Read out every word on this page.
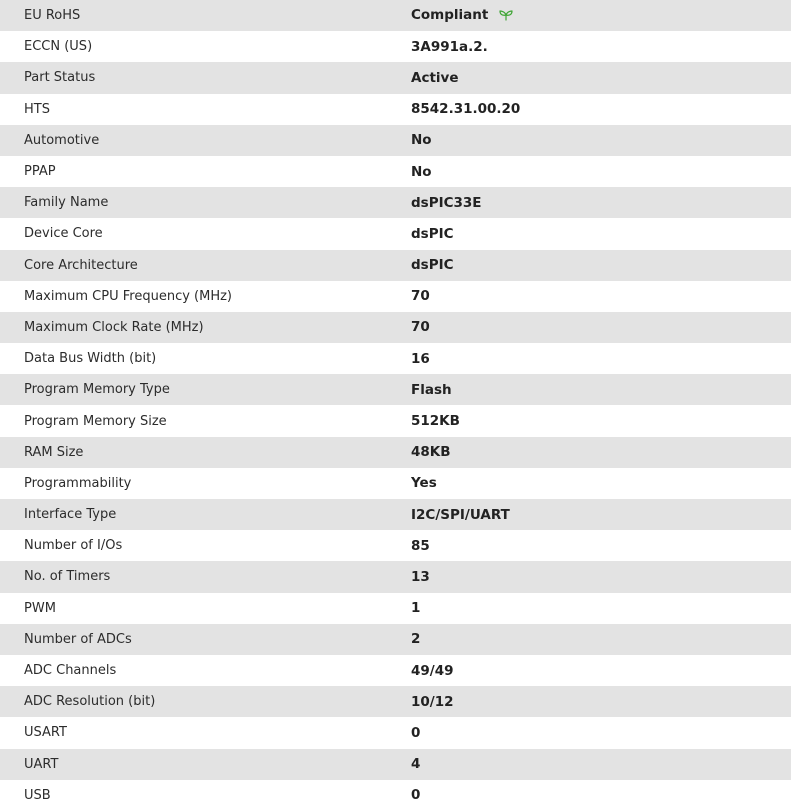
EU RoHS	Compliant
ECCN (US)	3A991a.2.
Part Status	Active
HTS	8542.31.00.20
Automotive	No
PPAP	No
Family Name	dsPIC33E
Device Core	dsPIC
Core Architecture	dsPIC
Maximum CPU Frequency (MHz)	70
Maximum Clock Rate (MHz)	70
Data Bus Width (bit)	16
Program Memory Type	Flash
Program Memory Size	512KB
RAM Size	48KB
Programmability	Yes
Interface Type	I2C/SPI/UART
Number of I/Os	85
No. of Timers	13
PWM	1
Number of ADCs	2
ADC Channels	49/49
ADC Resolution (bit)	10/12
USART	0
UART	4
USB	0
